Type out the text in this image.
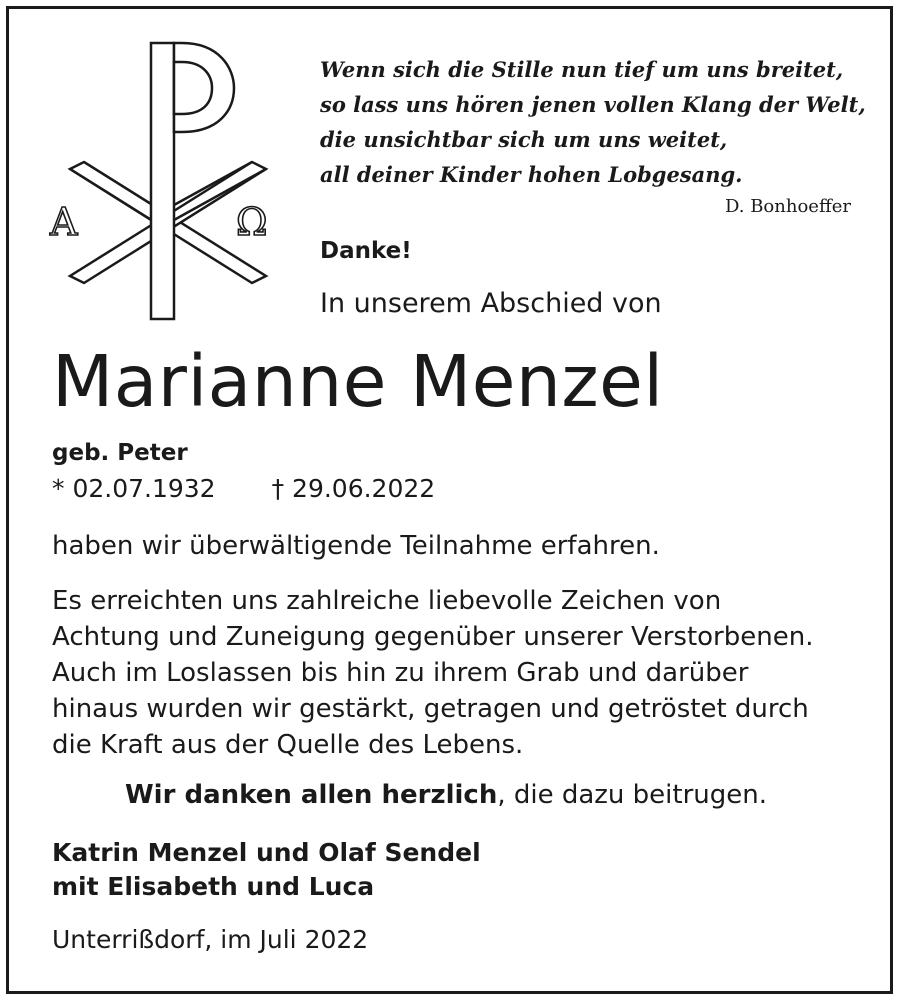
A	Ω

Wenn sich die Stille nun tief um uns breitet,
so lass uns hören jenen vollen Klang der Welt,
die unsichtbar sich um uns weitet,
all deiner Kinder hohen Lobgesang.

D. Bonhoeffer
Danke!
In unserem Abschied von
Marianne Menzel
geb. Peter
* 02.07.1932 † 29.06.2022
haben wir überwältigende Teilnahme erfahren.
Es erreichten uns zahlreiche liebevolle Zeichen von
Achtung und Zuneigung gegenüber unserer Verstorbenen.
Auch im Loslassen bis hin zu ihrem Grab und darüber
hinaus wurden wir gestärkt, getragen und getröstet durch
die Kraft aus der Quelle des Lebens.
Wir danken allen herzlich, die dazu beitrugen.
Katrin Menzel und Olaf Sendel
mit Elisabeth und Luca
Unterrißdorf, im Juli 2022
